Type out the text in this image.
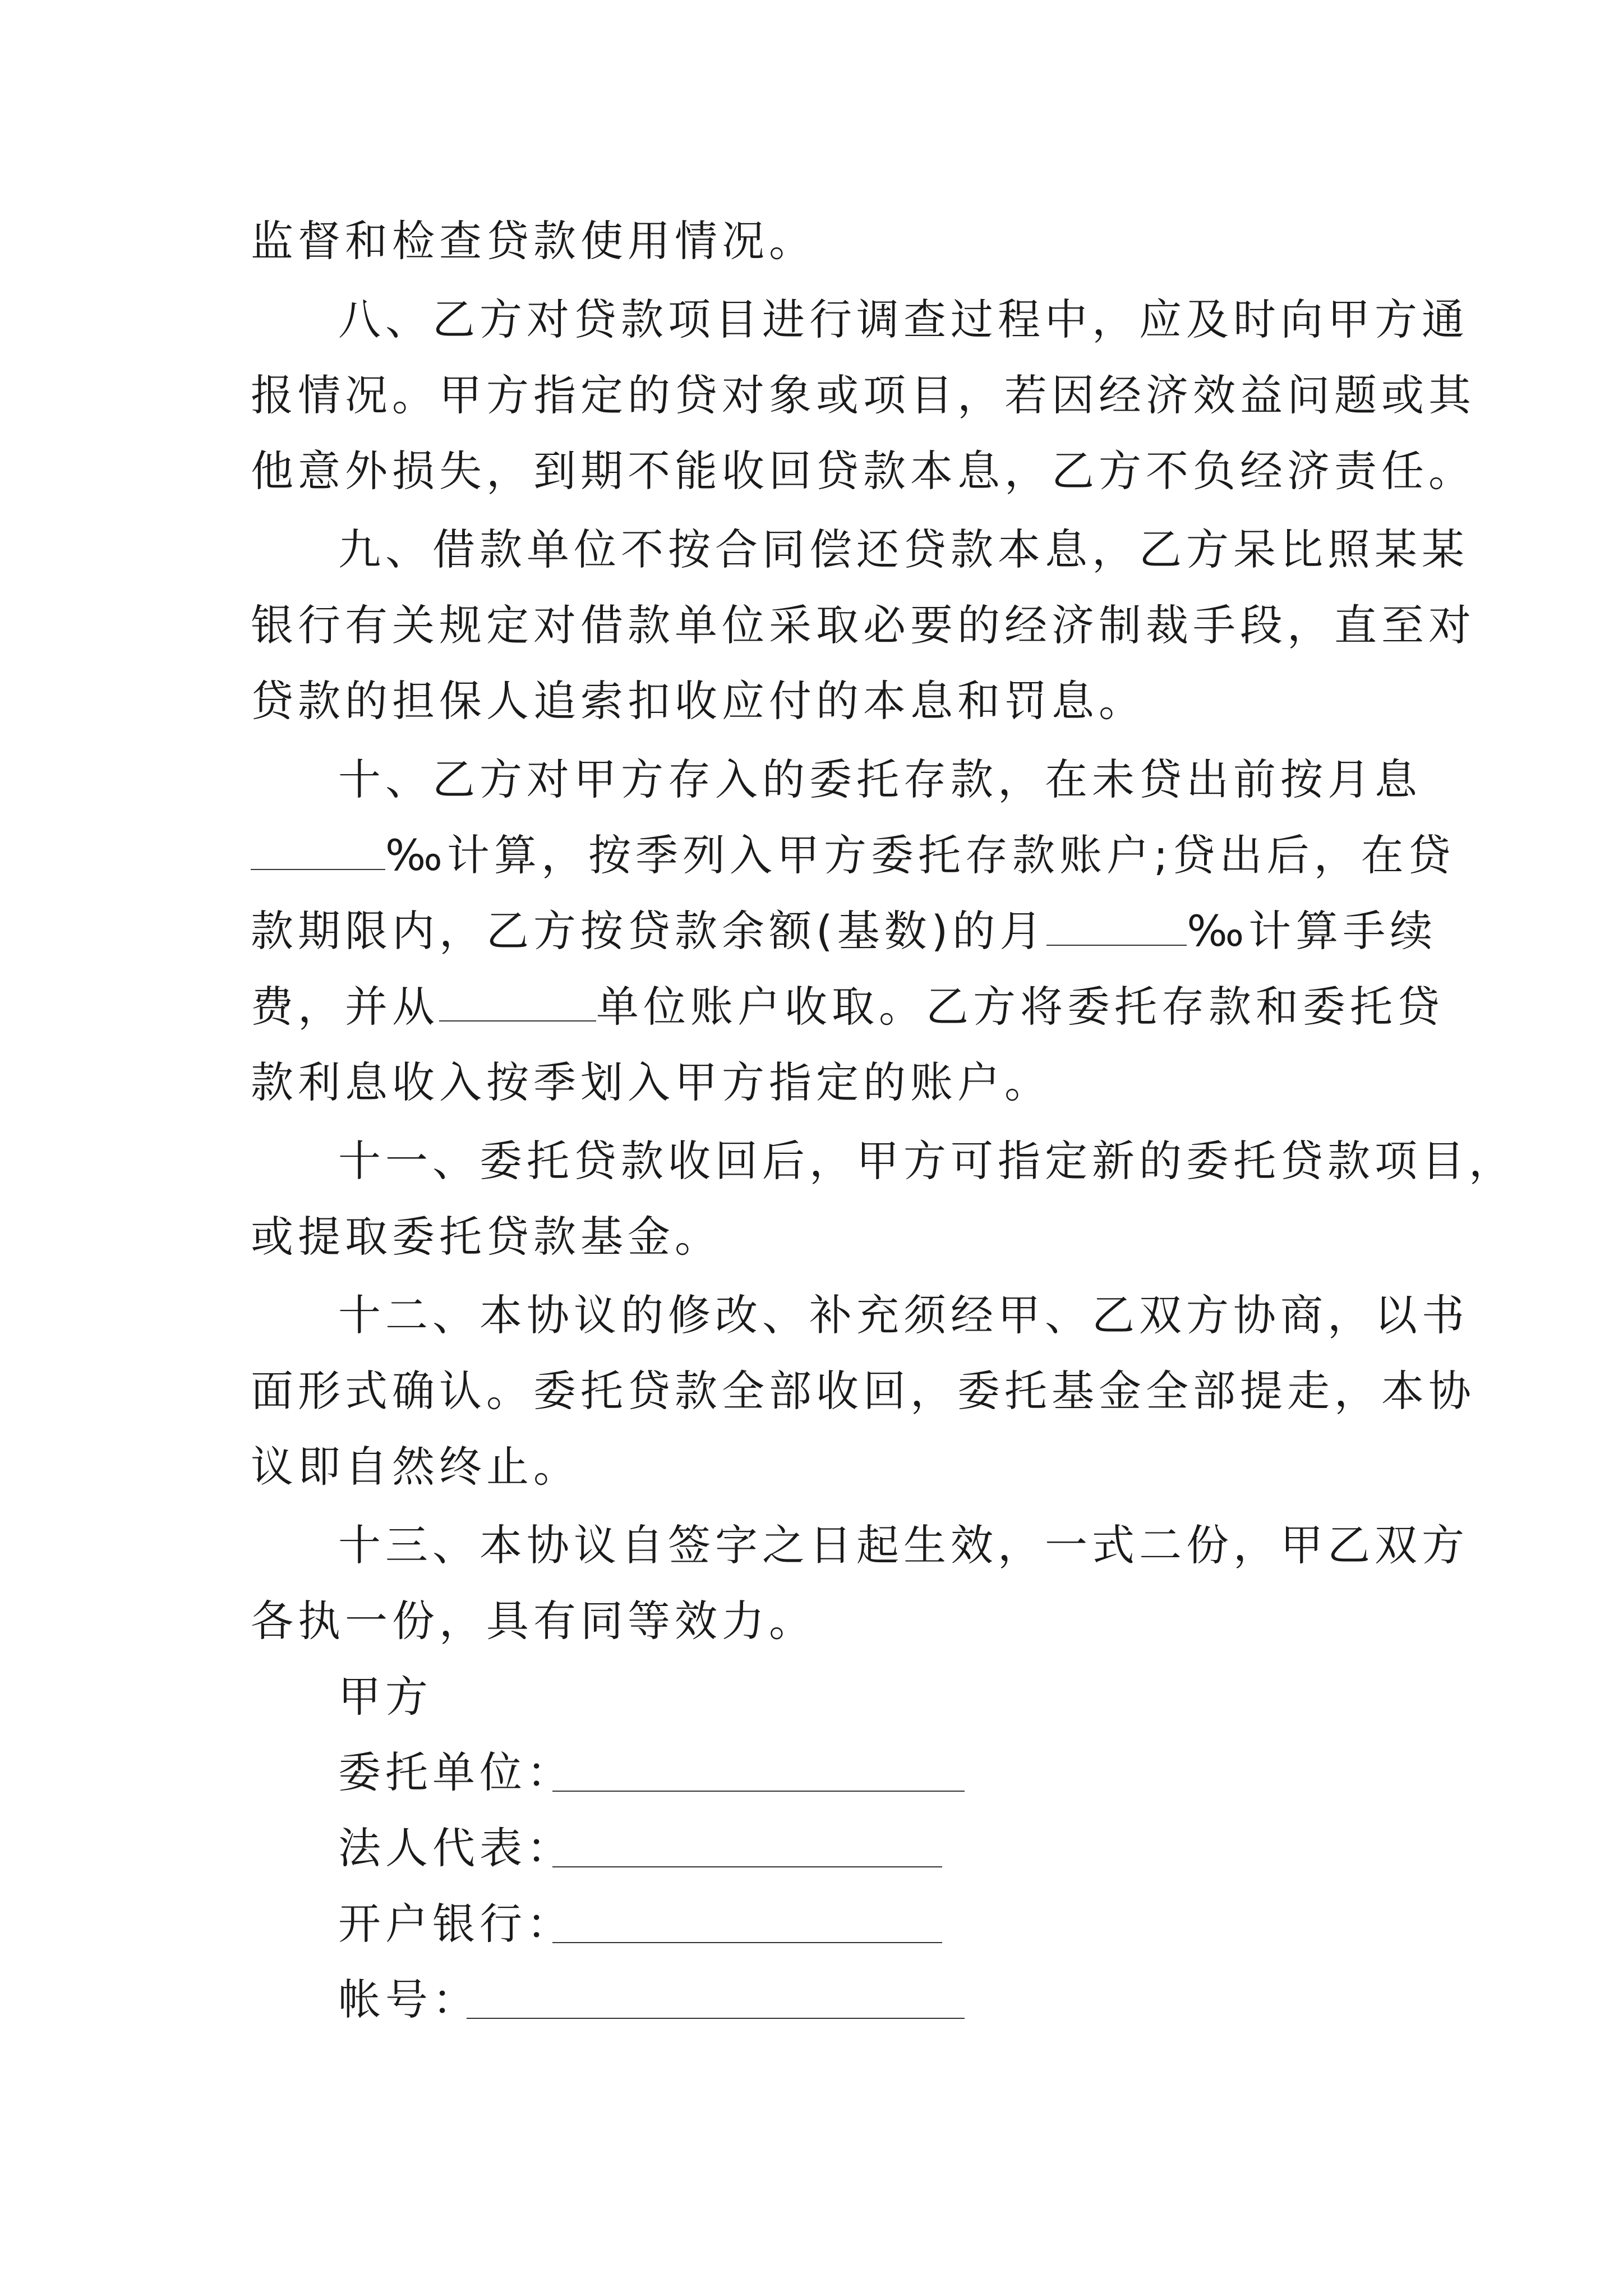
监督和检查贷款使用情况。
八、乙方对贷款项目进行调查过程中，应及时向甲方通
报情况。甲方指定的贷对象或项目，若因经济效益问题或其
他意外损失，到期不能收回贷款本息，乙方不负经济责任。
九、借款单位不按合同偿还贷款本息，乙方呆比照某某
银行有关规定对借款单位采取必要的经济制裁手段，直至对
贷款的担保人追索扣收应付的本息和罚息。
十、乙方对甲方存入的委托存款，在未贷出前按月息
‰计算，按季列入甲方委托存款账户;贷出后，在贷
款期限内，乙方按贷款余额(基数)的月	‰计算手续
费，并从	单位账户收取。乙方将委托存款和委托贷
款利息收入按季划入甲方指定的账户。
十一、委托贷款收回后，甲方可指定新的委托贷款项目，
或提取委托贷款基金。
十二、本协议的修改、补充须经甲、乙双方协商，以书
面形式确认。委托贷款全部收回，委托基金全部提走，本协
议即自然终止。
十三、本协议自签字之日起生效，一式二份，甲乙双方
各执一份，具有同等效力。
甲方
委托单位：
法人代表：
开户银行：
帐号：
